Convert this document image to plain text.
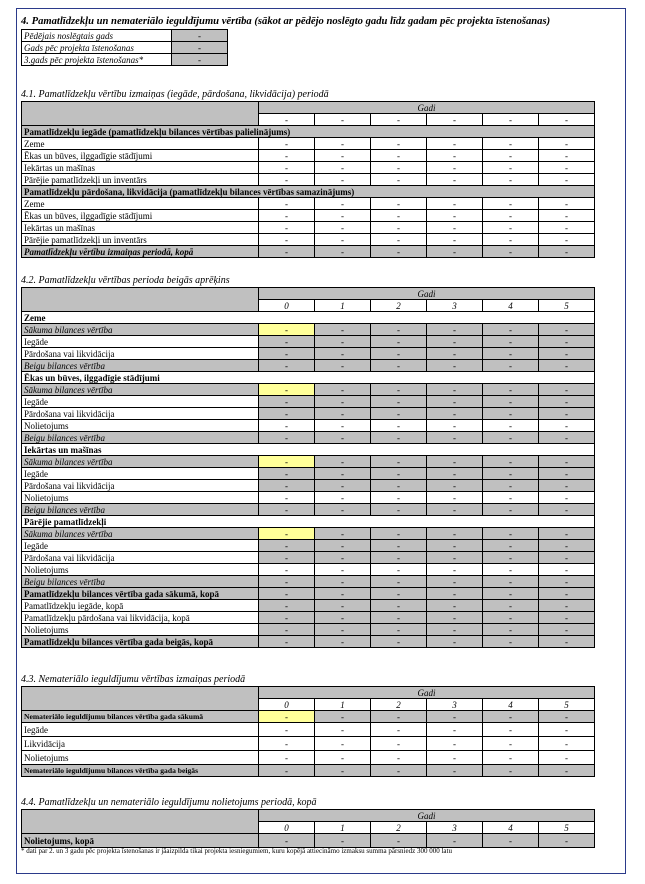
4. Pamatlīdzekļu un nemateriālo ieguldījumu vērtība (sākot ar pēdējo noslēgto gadu līdz gadam pēc projekta īstenošanas)
Pēdējais noslēgtais gads	-
Gads pēc projekta īstenošanas	-
3.gads pēc projekta īstenošanas*	-
4.1. Pamatlīdzekļu vērtību izmaiņas (iegāde, pārdošana, likvidācija) periodā
	Gadi					
	-	-	-	-	-	-
Pamatlīdzekļu iegāde (pamatlīdzekļu bilances vērtības palielinājums)						
Zeme	-	-	-	-	-	-
Ēkas un būves, ilggadīgie stādījumi	-	-	-	-	-	-
Iekārtas un mašīnas	-	-	-	-	-	-
Pārējie pamatlīdzekļi un inventārs	-	-	-	-	-	-
Pamatlīdzekļu pārdošana, likvidācija (pamatlīdzekļu bilances vērtības samazinājums)						
Zeme	-	-	-	-	-	-
Ēkas un būves, ilggadīgie stādījumi	-	-	-	-	-	-
Iekārtas un mašīnas	-	-	-	-	-	-
Pārējie pamatlīdzekļi un inventārs	-	-	-	-	-	-
Pamatlīdzekļu vērtību izmaiņas periodā, kopā	-	-	-	-	-	-
4.2. Pamatlīdzekļu vērtības perioda beigās aprēķins
	Gadi					
	0	1	2	3	4	5
Zeme						
Sākuma bilances vērtība	-	-	-	-	-	-
Iegāde	-	-	-	-	-	-
Pārdošana vai likvidācija	-	-	-	-	-	-
Beigu bilances vērtība	-	-	-	-	-	-
Ēkas un būves, ilggadīgie stādījumi						
Sākuma bilances vērtība	-	-	-	-	-	-
Iegāde	-	-	-	-	-	-
Pārdošana vai likvidācija	-	-	-	-	-	-
Nolietojums	-	-	-	-	-	-
Beigu bilances vērtība	-	-	-	-	-	-
Iekārtas un mašīnas						
Sākuma bilances vērtība	-	-	-	-	-	-
Iegāde	-	-	-	-	-	-
Pārdošana vai likvidācija	-	-	-	-	-	-
Nolietojums	-	-	-	-	-	-
Beigu bilances vērtība	-	-	-	-	-	-
Pārējie pamatlīdzekļi						
Sākuma bilances vērtība	-	-	-	-	-	-
Iegāde	-	-	-	-	-	-
Pārdošana vai likvidācija	-	-	-	-	-	-
Nolietojums	-	-	-	-	-	-
Beigu bilances vērtība	-	-	-	-	-	-
Pamatlīdzekļu bilances vērtība gada sākumā, kopā	-	-	-	-	-	-
Pamatlīdzekļu iegāde, kopā	-	-	-	-	-	-
Pamatlīdzekļu pārdošana vai likvidācija, kopā	-	-	-	-	-	-
Nolietojums	-	-	-	-	-	-
Pamatlīdzekļu bilances vērtība gada beigās, kopā	-	-	-	-	-	-
4.3. Nemateriālo ieguldījumu vērtības izmaiņas periodā
	Gadi					
	0	1	2	3	4	5
Nemateriālo ieguldījumu bilances vērtība gada sākumā	-	-	-	-	-	-
Iegāde	-	-	-	-	-	-
Likvidācija	-	-	-	-	-	-
Nolietojums	-	-	-	-	-	-
Nemateriālo ieguldījumu bilances vērtība gada beigās	-	-	-	-	-	-
4.4. Pamatlīdzekļu un nemateriālo ieguldījumu nolietojums periodā, kopā
	Gadi					
	0	1	2	3	4	5
Nolietojums, kopā	-	-	-	-	-	-
* dati par 2. un 3 gadu pēc projekta īstenošanas ir jāaizpilda tikai projekta iesniegumiem, kuru kopējā attiecināmo izmaksu summa pārsniedz 300 000 latu
